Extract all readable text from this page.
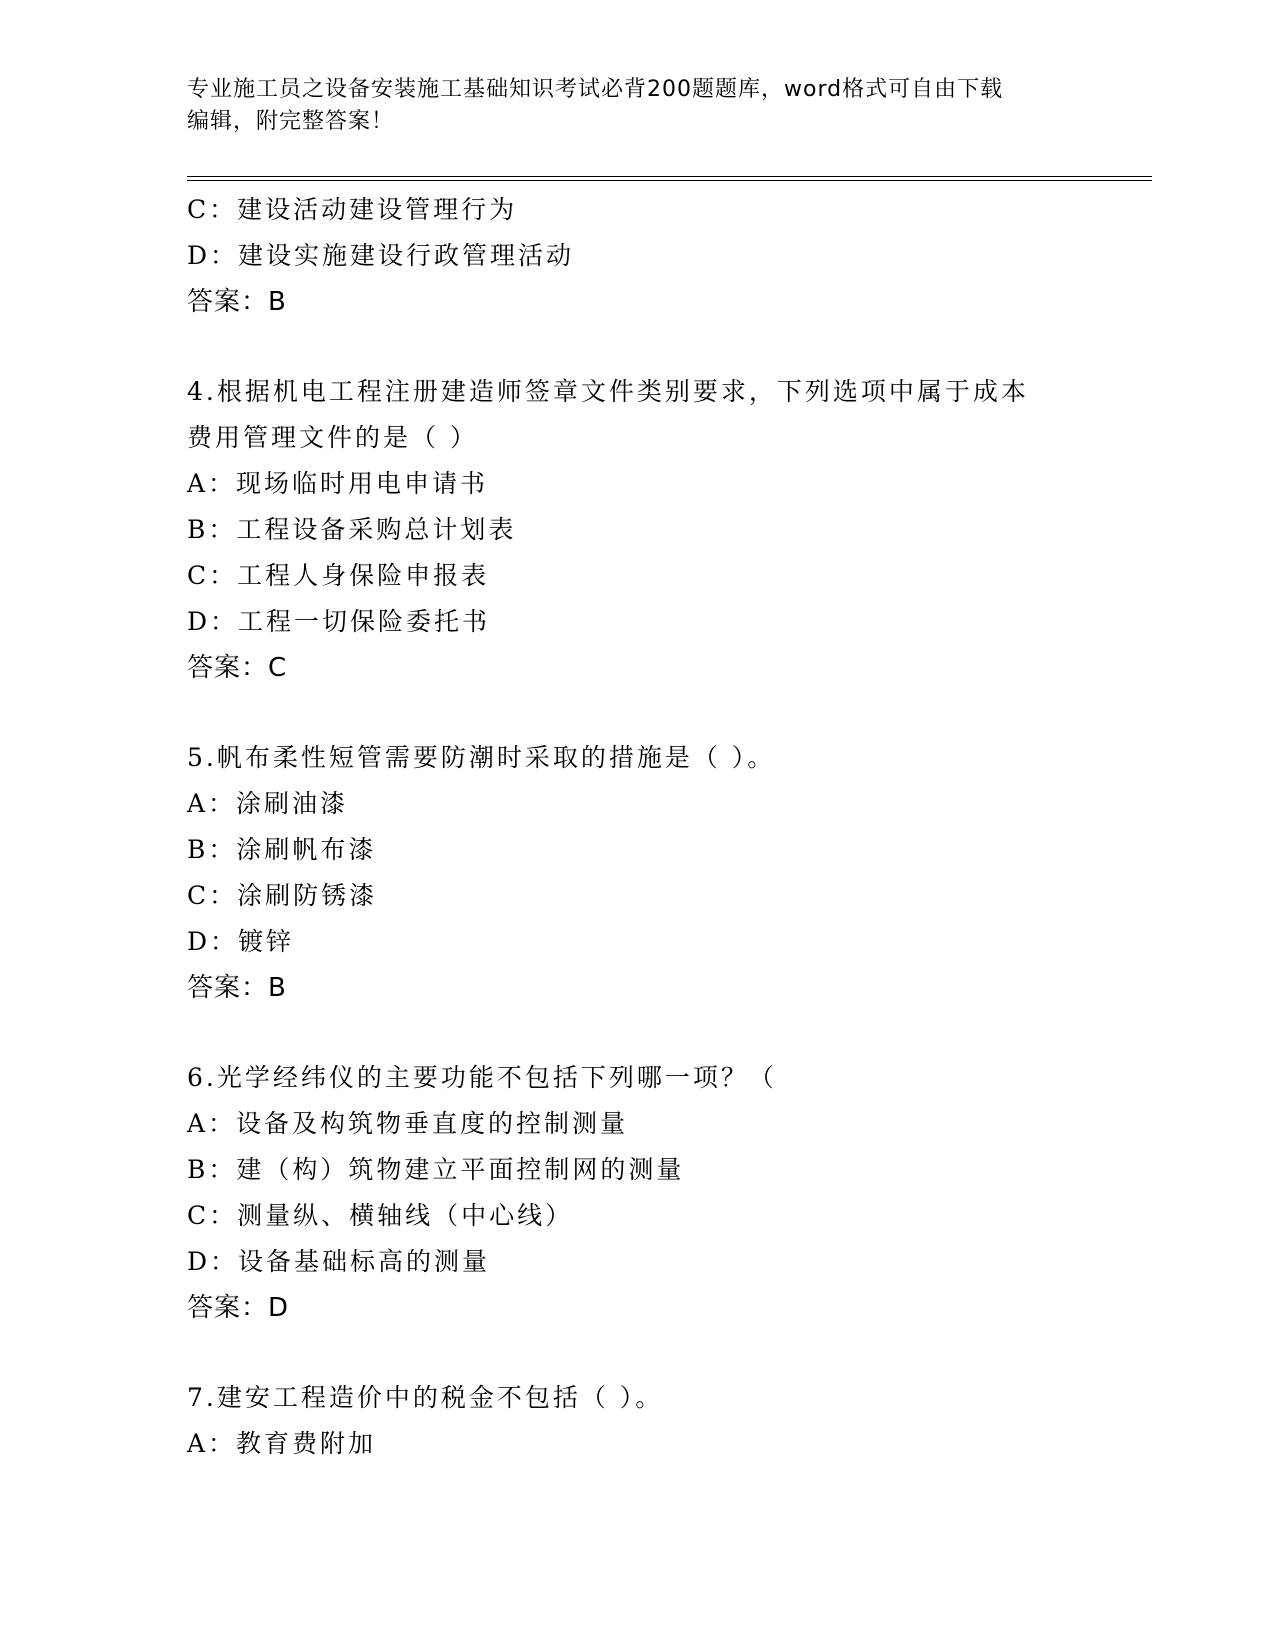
专业施工员之设备安装施工基础知识考试必背200题题库，word格式可自由下载
编辑，附完整答案！
C：建设活动建设管理行为
D：建设实施建设行政管理活动
答案：B
4.根据机电工程注册建造师签章文件类别要求，下列选项中属于成本
费用管理文件的是（ ）
A：现场临时用电申请书
B：工程设备采购总计划表
C：工程人身保险申报表
D：工程一切保险委托书
答案：C
5.帆布柔性短管需要防潮时采取的措施是（ ）。
A：涂刷油漆
B：涂刷帆布漆
C：涂刷防锈漆
D：镀锌
答案：B
6.光学经纬仪的主要功能不包括下列哪一项？（
A：设备及构筑物垂直度的控制测量
B：建（构）筑物建立平面控制网的测量
C：测量纵、横轴线（中心线）
D：设备基础标高的测量
答案：D
7.建安工程造价中的税金不包括（ ）。
A：教育费附加
